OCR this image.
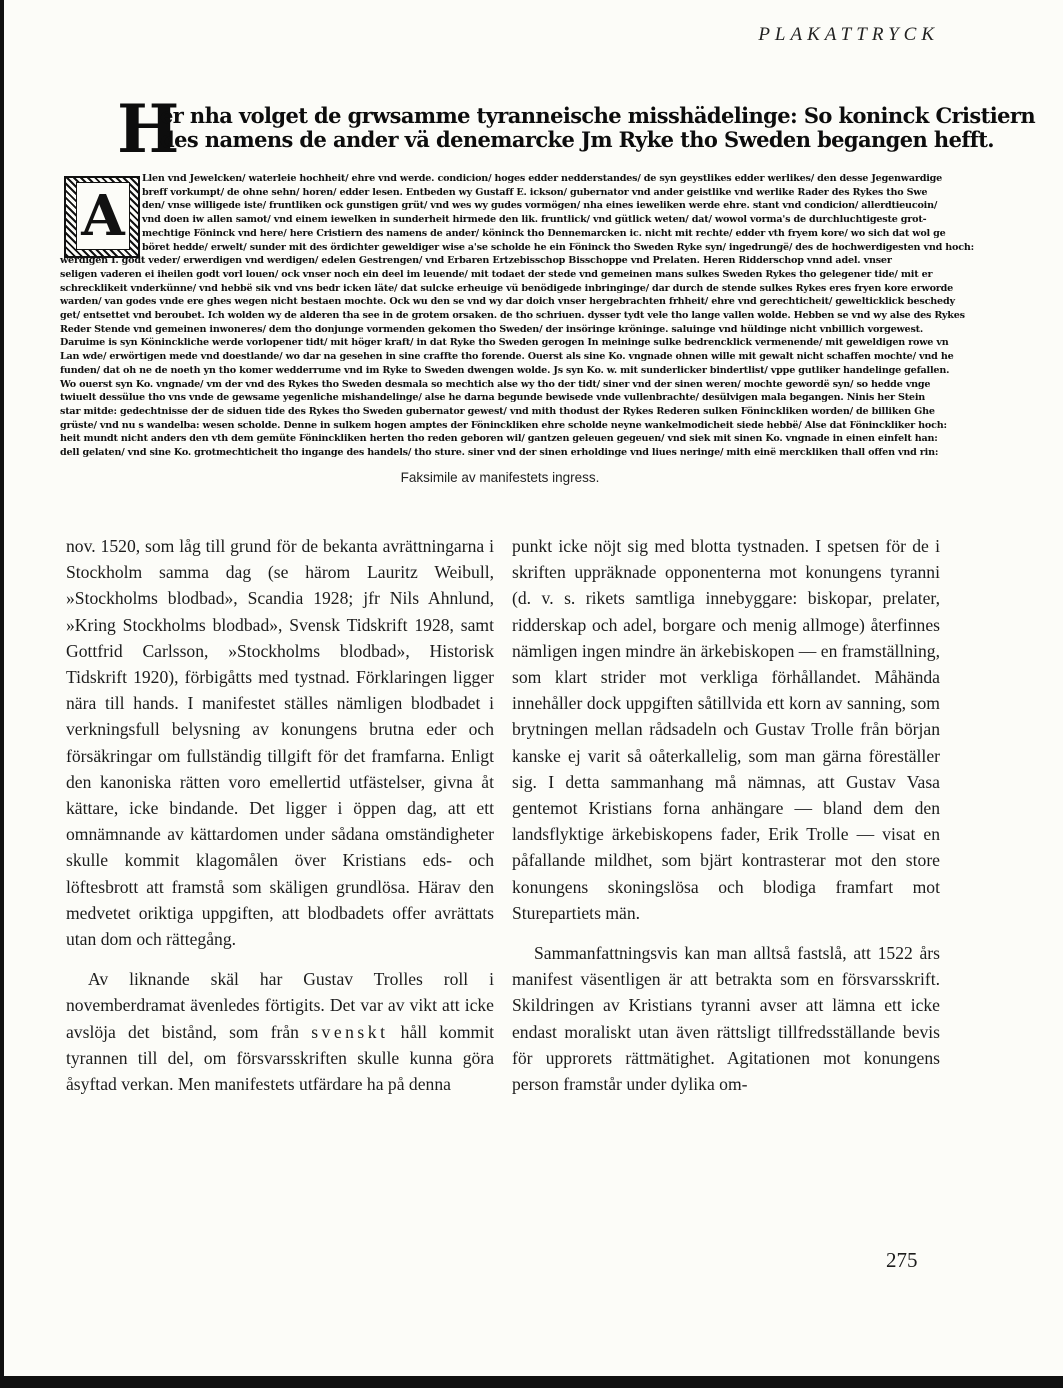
PLAKATTRYCK
H
er nha volget de grwsamme tyranneische misshädelinge: So koninck Cristiern
des namens de ander vä denemarcke Jm Ryke tho Sweden begangen hefft.
A
Llen vnd Jewelcken/ waterleie hochheit/ ehre vnd werde. condicion/ hoges edder nedderstandes/ de syn geystlikes edder werlikes/ den desse Jegenwardige
breff vorkumpt/ de ohne sehn/ horen/ edder lesen. Entbeden wy Gustaff E. ickson/ gubernator vnd ander geistlike vnd werlike Rader des Rykes tho Swe
den/ vnse willigede iste/ fruntliken ock gunstigen grüt/ vnd wes wy gudes vormögen/ nha eines ieweliken werde ehre. stant vnd condicion/ allerdtieucoin/
vnd doen iw allen samot/ vnd einem iewelken in sunderheit hirmede den lik. fruntlick/ vnd gütlick weten/ dat/ wowol vorma's de durchluchtigeste grot-
mechtige Föninck vnd here/ here Cristiern des namens de ander/ köninck tho Dennemarcken ic. nicht mit rechte/ edder vth fryem kore/ wo sich dat wol ge
böret hedde/ erwelt/ sunder mit des ördichter geweldiger wise a'se scholde he ein Föninck tho Sweden Ryke syn/ ingedrungë/ des de hochwerdigesten vnd hoch:
werdigen I. godt veder/ erwerdigen vnd werdigen/ edelen Gestrengen/ vnd Erbaren Ertzebisschop Bisschoppe vnd Prelaten. Heren Ridderschop vnnd adel. vnser
seligen vaderen ei iheilen godt vorl louen/ ock vnser noch ein deel im leuende/ mit todaet der stede vnd gemeinen mans sulkes Sweden Rykes tho gelegener tide/ mit er
schrecklikeit vnderkünne/ vnd hebbë sik vnd vns bedr icken läte/ dat sulcke erheuige vü benödigede inbringinge/ dar durch de stende sulkes Rykes eres fryen kore erworde
warden/ van godes vnde ere ghes wegen nicht bestaen mochte. Ock wu den se vnd wy dar doich vnser hergebrachten frhheit/ ehre vnd gerechticheit/ gewelticklick beschedy
get/ entsettet vnd beroubet. Ich wolden wy de alderen tha see in de grotem orsaken. de tho schriuen. dysser tydt vele tho lange vallen wolde. Hebben se vnd wy alse des Rykes
Reder Stende vnd gemeinen inwoneres/ dem tho donjunge vormenden gekomen tho Sweden/ der insöringe kröninge. saluinge vnd hüldinge nicht vnbillich vorgewest.
Daruime is syn Köninckliche werde vorlopener tidt/ mit höger kraft/ in dat Ryke tho Sweden gerogen In meininge sulke bedrencklick vermenende/ mit geweldigen rowe vn
Lan wde/ erwörtigen mede vnd doestlande/ wo dar na gesehen in sine craffte tho forende. Ouerst als sine Ko. vngnade ohnen wille mit gewalt nicht schaffen mochte/ vnd he
funden/ dat oh ne de noeth yn tho komer wedderrume vnd im Ryke to Sweden dwengen wolde. Js syn Ko. w. mit sunderlicker bindertlist/ vppe gutliker handelinge gefallen.
Wo ouerst syn Ko. vngnade/ vm der vnd des Rykes tho Sweden desmala so mechtich alse wy tho der tidt/ siner vnd der sinen weren/ mochte gewordë syn/ so hedde vnge
twiuelt dessülue tho vns vnde de gewsame yegenliche mishandelinge/ alse he darna begunde bewisede vnde vullenbrachte/ desülvigen mala begangen. Ninis her Stein
star mitde: gedechtnisse der de siduen tide des Rykes tho Sweden gubernator gewest/ vnd mith thodust der Rykes Rederen sulken Föninckliken worden/ de billiken Ghe
grüste/ vnd nu s wandelba: wesen scholde. Denne in sulkem hogen amptes der Föninckliken ehre scholde neyne wankelmodicheit siede hebbë/ Alse dat Föninckliker hoch:
heit mundt nicht anders den vth dem gemüte Föninckliken herten tho reden geboren wil/ gantzen geleuen gegeuen/ vnd siek mit sinen Ko. vngnade in einen einfelt han:
dell gelaten/ vnd sine Ko. grotmechticheit tho ingange des handels/ tho sture. siner vnd der sinen erholdinge vnd liues neringe/ mith einë merckliken thall offen vnd rin:
Faksimile av manifestets ingress.

nov. 1520, som låg till grund för de bekanta avrättningarna i Stockholm samma dag (se härom Lauritz Weibull, »Stockholms blodbad», Scandia 1928; jfr Nils Ahnlund, »Kring Stockholms blodbad», Svensk Tidskrift 1928, samt Gottfrid Carlsson, »Stockholms blodbad», Historisk Tidskrift 1920), förbigåtts med tystnad. Förklaringen ligger nära till hands. I manifestet ställes nämligen blodbadet i verkningsfull belysning av konungens brutna eder och försäkringar om fullständig tillgift för det framfarna. Enligt den kanoniska rätten voro emellertid utfästelser, givna åt kättare, icke bindande. Det ligger i öppen dag, att ett omnämnande av kättardomen under sådana omständigheter skulle kommit klagomålen över Kristians eds- och löftesbrott att framstå som skäligen grundlösa. Härav den medvetet oriktiga uppgiften, att blodbadets offer avrättats utan dom och rättegång.

Av liknande skäl har Gustav Trolles roll i novemberdramat ävenledes förtigits. Det var av vikt att icke avslöja det bistånd, som från svenskt håll kommit tyrannen till del, om försvarsskriften skulle kunna göra åsyftad verkan. Men manifestets utfärdare ha på denna

punkt icke nöjt sig med blotta tystnaden. I spetsen för de i skriften uppräknade opponenterna mot konungens tyranni (d. v. s. rikets samtliga innebyggare: biskopar, prelater, ridderskap och adel, borgare och menig allmoge) återfinnes nämligen ingen mindre än ärkebiskopen — en framställning, som klart strider mot verkliga förhållandet. Måhända innehåller dock uppgiften såtillvida ett korn av sanning, som brytningen mellan rådsadeln och Gustav Trolle från början kanske ej varit så oåterkallelig, som man gärna föreställer sig. I detta sammanhang må nämnas, att Gustav Vasa gentemot Kristians forna anhängare — bland dem den landsflyktige ärkebiskopens fader, Erik Trolle — visat en påfallande mildhet, som bjärt kontrasterar mot den store konungens skoningslösa och blodiga framfart mot Sturepartiets män.

Sammanfattningsvis kan man alltså fastslå, att 1522 års manifest väsentligen är att betrakta som en försvarsskrift. Skildringen av Kristians tyranni avser att lämna ett icke endast moraliskt utan även rättsligt tillfredsställande bevis för upprorets rättmätighet. Agitationen mot konungens person framstår under dylika om-

275
